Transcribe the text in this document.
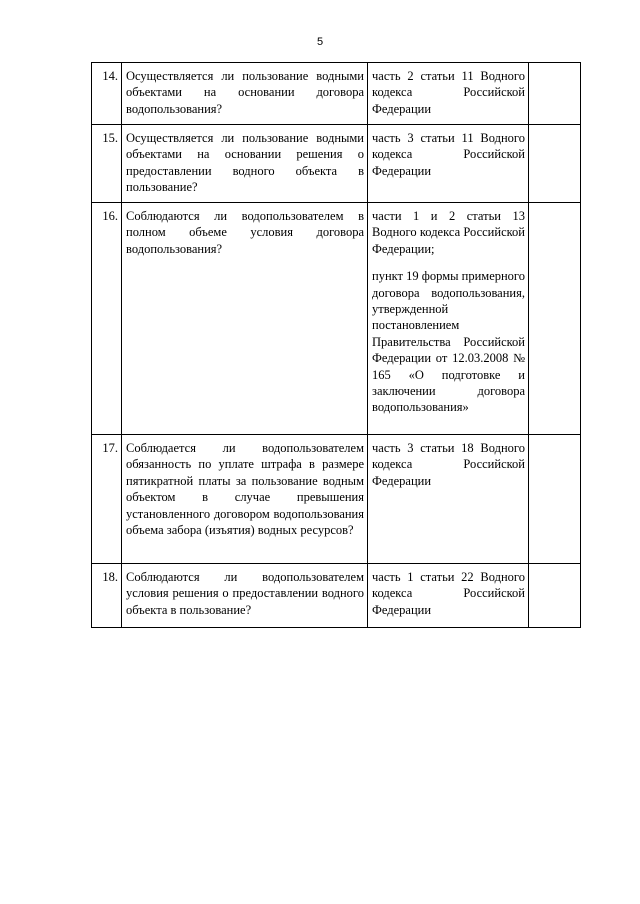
5
14.	Осуществляется ли пользование водными объектами на основании договора водопользования?	часть 2 статьи 11 Водного кодекса Российской Федерации	

15.	Осуществляется ли пользование водными объектами на основании решения о предоставлении водного объекта в пользование?	часть 3 статьи 11 Водного кодекса Российской Федерации	

16.	Соблюдаются ли водопользователем в полном объеме условия договора водопользования?	части 1 и 2 статьи 13 Водного кодекса Российской Федерации;

пункт 19 формы примерного договора водопользования, утвержденной постановлением Правительства Российской Федерации от 12.03.2008 № 165 «О подготовке и заключении договора водопользования»	

17.	Соблюдается ли водопользователем обязанность по уплате штрафа в размере пятикратной платы за пользование водным объектом в случае превышения установленного договором водопользования объема забора (изъятия) водных ресурсов?	часть 3 статьи 18 Водного кодекса Российской Федерации	

18.	Соблюдаются ли водопользователем условия решения о предоставлении водного объекта в пользование?	часть 1 статьи 22 Водного кодекса Российской Федерации	
